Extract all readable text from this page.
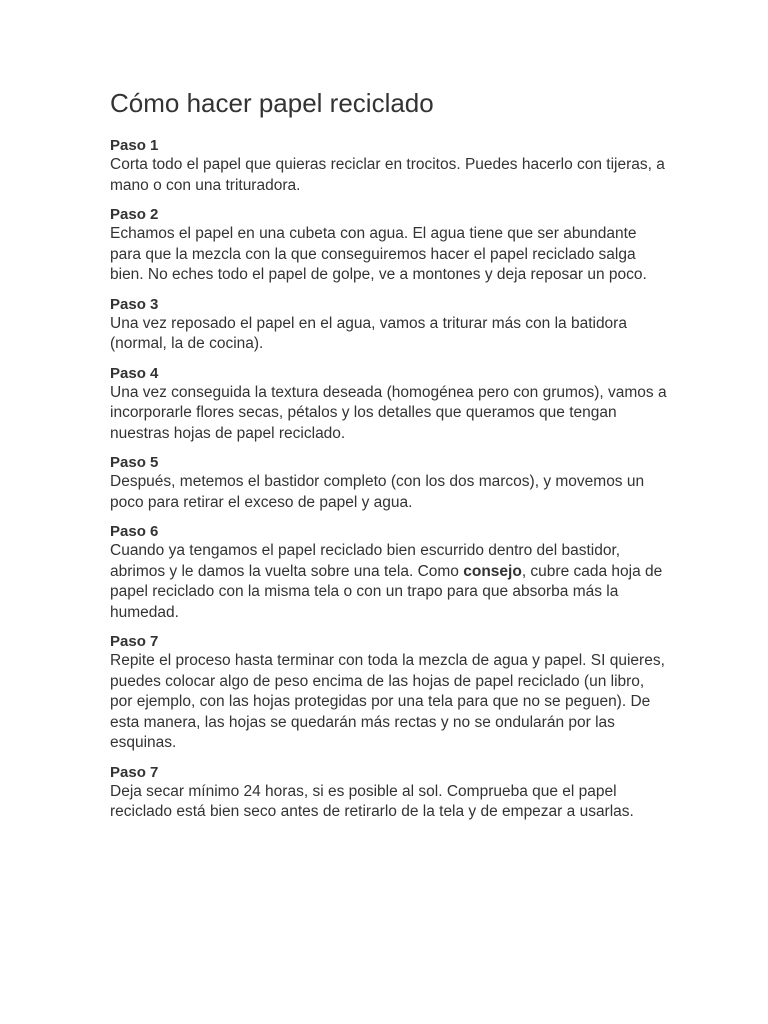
Cómo hacer papel reciclado
Paso 1
Corta todo el papel que quieras reciclar en trocitos. Puedes hacerlo con tijeras, a mano o con una trituradora.
Paso 2
Echamos el papel en una cubeta con agua. El agua tiene que ser abundante para que la mezcla con la que conseguiremos hacer el papel reciclado salga bien. No eches todo el papel de golpe, ve a montones y deja reposar un poco.
Paso 3
Una vez reposado el papel en el agua, vamos a triturar más con la batidora (normal, la de cocina).
Paso 4
Una vez conseguida la textura deseada (homogénea pero con grumos), vamos a incorporarle flores secas, pétalos y los detalles que queramos que tengan nuestras hojas de papel reciclado.
Paso 5
Después, metemos el bastidor completo (con los dos marcos), y movemos un poco para retirar el exceso de papel y agua.
Paso 6
Cuando ya tengamos el papel reciclado bien escurrido dentro del bastidor, abrimos y le damos la vuelta sobre una tela. Como consejo, cubre cada hoja de papel reciclado con la misma tela o con un trapo para que absorba más la humedad.
Paso 7
Repite el proceso hasta terminar con toda la mezcla de agua y papel. SI quieres, puedes colocar algo de peso encima de las hojas de papel reciclado (un libro, por ejemplo, con las hojas protegidas por una tela para que no se peguen). De esta manera, las hojas se quedarán más rectas y no se ondularán por las esquinas.
Paso 7
Deja secar mínimo 24 horas, si es posible al sol. Comprueba que el papel reciclado está bien seco antes de retirarlo de la tela y de empezar a usarlas.
